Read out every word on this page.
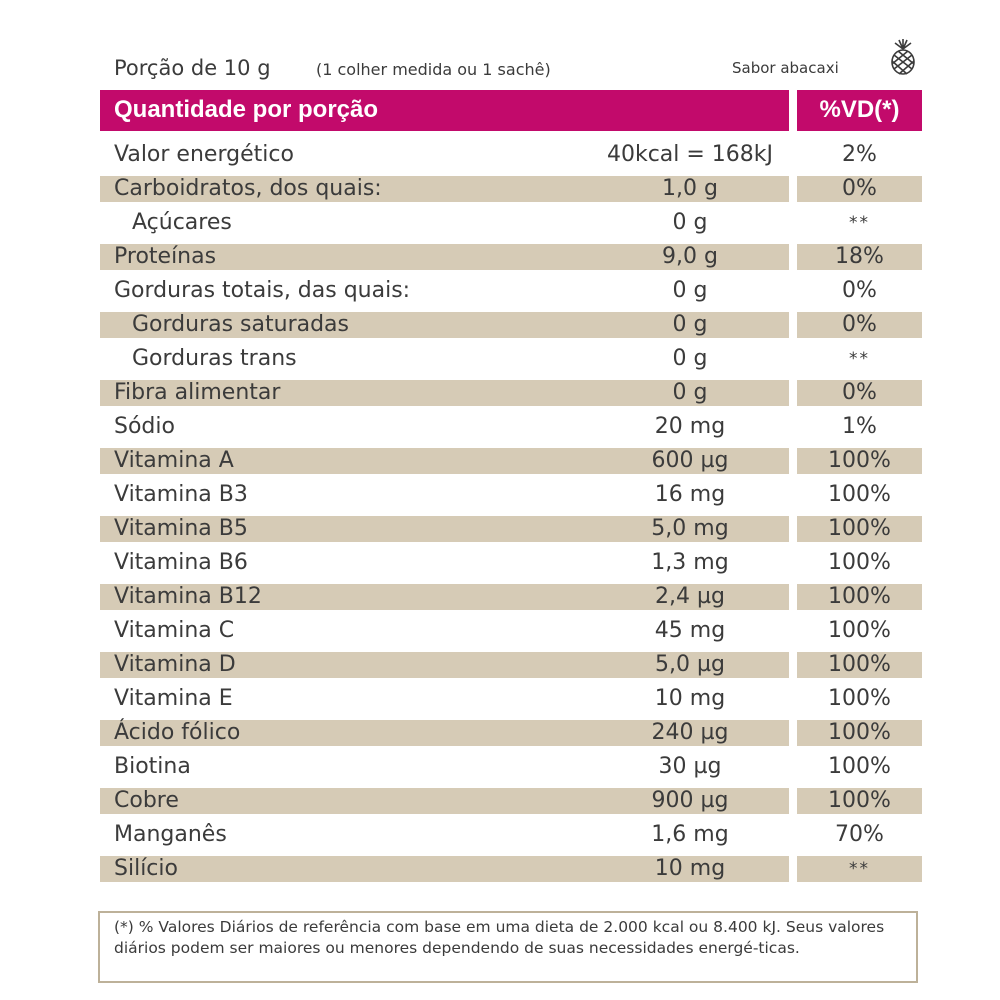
Porção de 10 g	(1 colher medida ou 1 sachê)	Sabor abacaxi
Quantidade por porção	%VD(*)
Valor energético	40kcal = 168kJ	2%
Carboidratos, dos quais:	1,0 g	0%
Açúcares	0 g	**
Proteínas	9,0 g	18%
Gorduras totais, das quais:	0 g	0%
Gorduras saturadas	0 g	0%
Gorduras trans	0 g	**
Fibra alimentar	0 g	0%
Sódio	20 mg	1%
Vitamina A	600 µg	100%
Vitamina B3	16 mg	100%
Vitamina B5	5,0 mg	100%
Vitamina B6	1,3 mg	100%
Vitamina B12	2,4 µg	100%
Vitamina C	45 mg	100%
Vitamina D	5,0 µg	100%
Vitamina E	10 mg	100%
Ácido fólico	240 µg	100%
Biotina	30 µg	100%
Cobre	900 µg	100%
Manganês	1,6 mg	70%
Silício	10 mg	**
(*) % Valores Diários de referência com base em uma dieta de 2.000 kcal ou 8.400 kJ. Seus valores diários podem ser maiores ou menores dependendo de suas necessidades energé-ticas.
